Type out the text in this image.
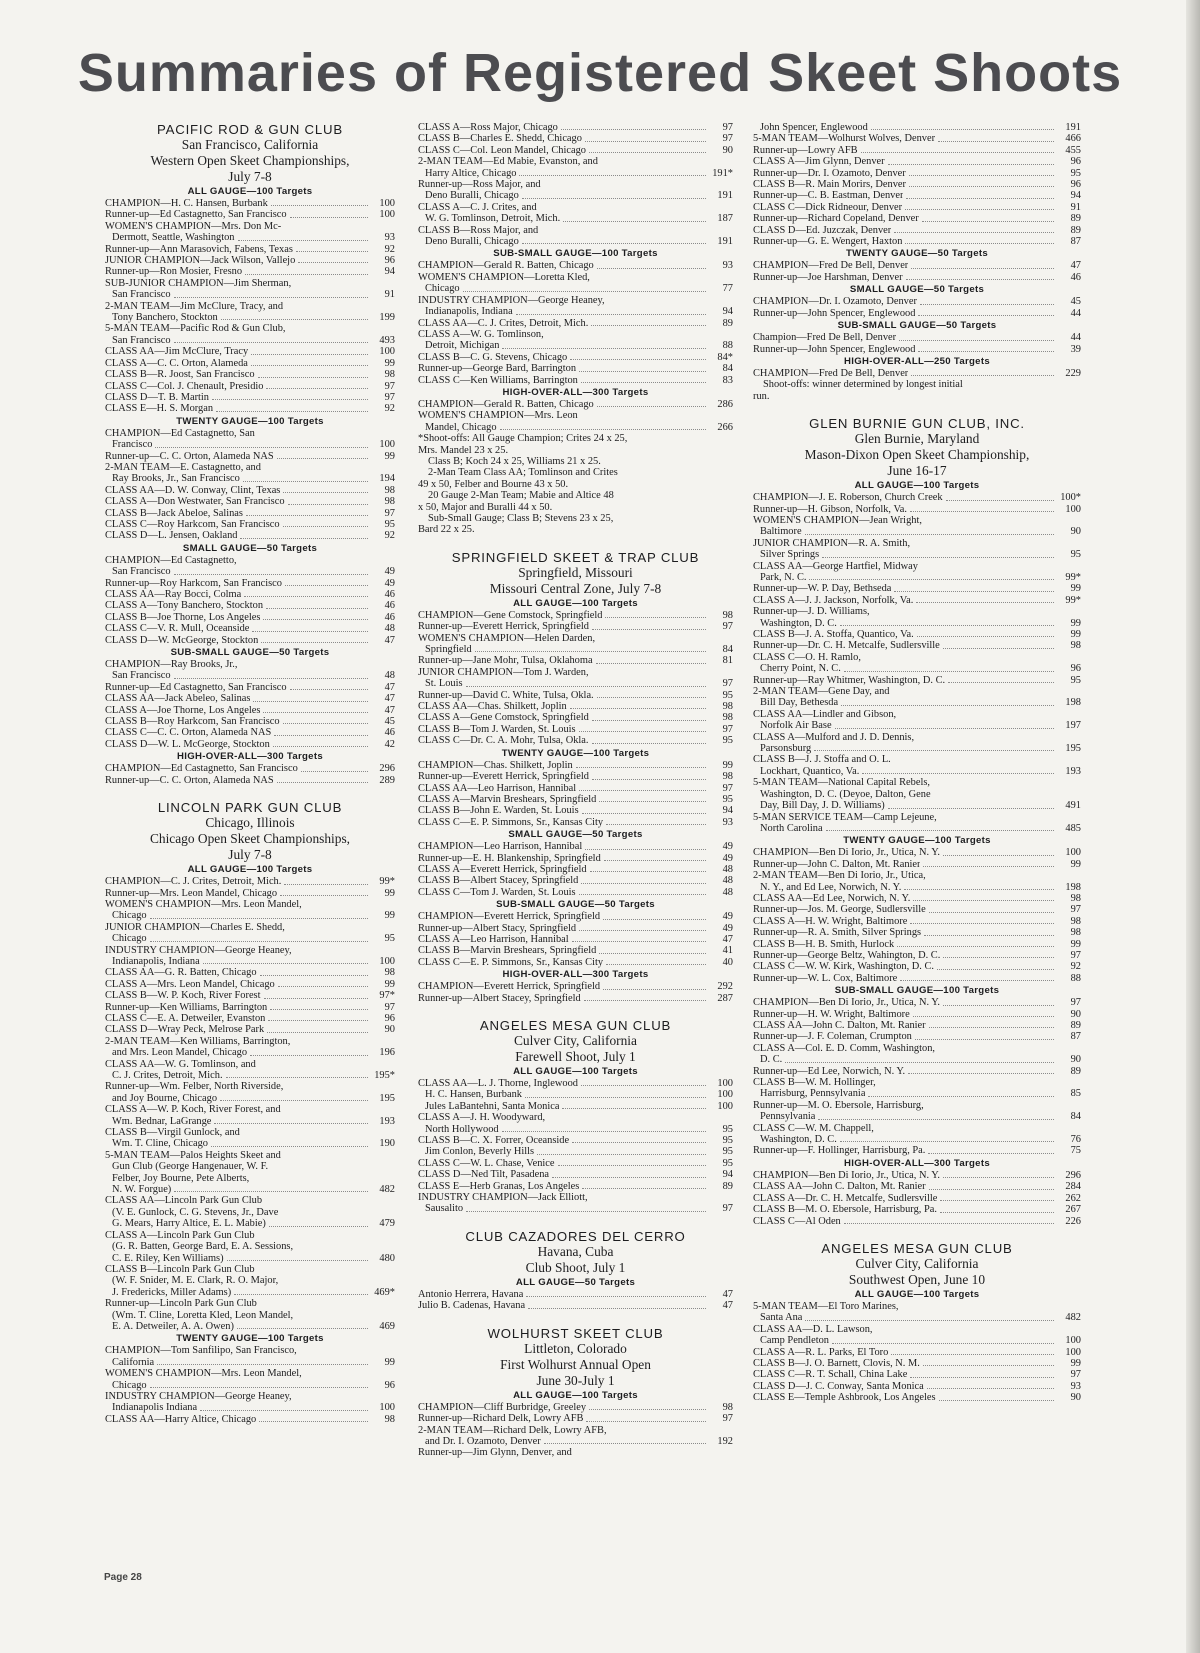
Summaries of Registered Skeet Shoots
PACIFIC ROD & GUN CLUB
San Francisco, California
Western Open Skeet Championships,
July 7-8
ALL GAUGE—100 Targets
CHAMPION—H. C. Hansen, Burbank	100
Runner-up—Ed Castagnetto, San Francisco	100
WOMEN'S CHAMPION—Mrs. Don Mc-
Dermott, Seattle, Washington	93
Runner-up—Ann Marasovich, Fabens, Texas	92
JUNIOR CHAMPION—Jack Wilson, Vallejo	96
Runner-up—Ron Mosier, Fresno	94
SUB-JUNIOR CHAMPION—Jim Sherman,
San Francisco	91
2-MAN TEAM—Jim McClure, Tracy, and
Tony Banchero, Stockton	199
5-MAN TEAM—Pacific Rod & Gun Club,
San Francisco	493
CLASS AA—Jim McClure, Tracy	100
CLASS A—C. C. Orton, Alameda	99
CLASS B—R. Joost, San Francisco	98
CLASS C—Col. J. Chenault, Presidio	97
CLASS D—T. B. Martin	97
CLASS E—H. S. Morgan	92
TWENTY GAUGE—100 Targets
CHAMPION—Ed Castagnetto, San
Francisco	100
Runner-up—C. C. Orton, Alameda NAS	99
2-MAN TEAM—E. Castagnetto, and
Ray Brooks, Jr., San Francisco	194
CLASS AA—D. W. Conway, Clint, Texas	98
CLASS A—Don Westwater, San Francisco	98
CLASS B—Jack Abeloe, Salinas	97
CLASS C—Roy Harkcom, San Francisco	95
CLASS D—L. Jensen, Oakland	92
SMALL GAUGE—50 Targets
CHAMPION—Ed Castagnetto,
San Francisco	49
Runner-up—Roy Harkcom, San Francisco	49
CLASS AA—Ray Bocci, Colma	46
CLASS A—Tony Banchero, Stockton	46
CLASS B—Joe Thorne, Los Angeles	46
CLASS C—V. R. Mull, Oceanside	48
CLASS D—W. McGeorge, Stockton	47
SUB-SMALL GAUGE—50 Targets
CHAMPION—Ray Brooks, Jr.,
San Francisco	48
Runner-up—Ed Castagnetto, San Francisco	47
CLASS AA—Jack Abeleo, Salinas	47
CLASS A—Joe Thorne, Los Angeles	47
CLASS B—Roy Harkcom, San Francisco	45
CLASS C—C. C. Orton, Alameda NAS	46
CLASS D—W. L. McGeorge, Stockton	42
HIGH-OVER-ALL—300 Targets
CHAMPION—Ed Castagnetto, San Francisco	296
Runner-up—C. C. Orton, Alameda NAS	289
LINCOLN PARK GUN CLUB
Chicago, Illinois
Chicago Open Skeet Championships,
July 7-8
ALL GAUGE—100 Targets
CHAMPION—C. J. Crites, Detroit, Mich.	99*
Runner-up—Mrs. Leon Mandel, Chicago	99
WOMEN'S CHAMPION—Mrs. Leon Mandel,
Chicago	99
JUNIOR CHAMPION—Charles E. Shedd,
Chicago	95
INDUSTRY CHAMPION—George Heaney,
Indianapolis, Indiana	100
CLASS AA—G. R. Batten, Chicago	98
CLASS A—Mrs. Leon Mandel, Chicago	99
CLASS B—W. P. Koch, River Forest	97*
Runner-up—Ken Williams, Barrington	97
CLASS C—E. A. Detweiler, Evanston	96
CLASS D—Wray Peck, Melrose Park	90
2-MAN TEAM—Ken Williams, Barrington,
and Mrs. Leon Mandel, Chicago	196
CLASS AA—W. G. Tomlinson, and
C. J. Crites, Detroit, Mich.	195*
Runner-up—Wm. Felber, North Riverside,
and Joy Bourne, Chicago	195
CLASS A—W. P. Koch, River Forest, and
Wm. Bednar, LaGrange	193
CLASS B—Virgil Gunlock, and
Wm. T. Cline, Chicago	190
5-MAN TEAM—Palos Heights Skeet and
Gun Club (George Hangenauer, W. F.
Felber, Joy Bourne, Pete Alberts,
N. W. Forgue)	482
CLASS AA—Lincoln Park Gun Club
(V. E. Gunlock, C. G. Stevens, Jr., Dave
G. Mears, Harry Altice, E. L. Mabie)	479
CLASS A—Lincoln Park Gun Club
(G. R. Batten, George Bard, E. A. Sessions,
C. E. Riley, Ken Williams)	480
CLASS B—Lincoln Park Gun Club
(W. F. Snider, M. E. Clark, R. O. Major,
J. Fredericks, Miller Adams)	469*
Runner-up—Lincoln Park Gun Club
(Wm. T. Cline, Loretta Kled, Leon Mandel,
E. A. Detweiler, A. A. Owen)	469
TWENTY GAUGE—100 Targets
CHAMPION—Tom Sanfilipo, San Francisco,
California	99
WOMEN'S CHAMPION—Mrs. Leon Mandel,
Chicago	96
INDUSTRY CHAMPION—George Heaney,
Indianapolis Indiana	100
CLASS AA—Harry Altice, Chicago	98
CLASS A—Ross Major, Chicago	97
CLASS B—Charles E. Shedd, Chicago	97
CLASS C—Col. Leon Mandel, Chicago	90
2-MAN TEAM—Ed Mabie, Evanston, and
Harry Altice, Chicago	191*
Runner-up—Ross Major, and
Deno Buralli, Chicago	191
CLASS A—C. J. Crites, and
W. G. Tomlinson, Detroit, Mich.	187
CLASS B—Ross Major, and
Deno Buralli, Chicago	191
SUB-SMALL GAUGE—100 Targets
CHAMPION—Gerald R. Batten, Chicago	93
WOMEN'S CHAMPION—Loretta Kled,
Chicago	77
INDUSTRY CHAMPION—George Heaney,
Indianapolis, Indiana	94
CLASS AA—C. J. Crites, Detroit, Mich.	89
CLASS A—W. G. Tomlinson,
Detroit, Michigan	88
CLASS B—C. G. Stevens, Chicago	84*
Runner-up—George Bard, Barrington	84
CLASS C—Ken Williams, Barrington	83
HIGH-OVER-ALL—300 Targets
CHAMPION—Gerald R. Batten, Chicago	286
WOMEN'S CHAMPION—Mrs. Leon
Mandel, Chicago	266
*Shoot-offs: All Gauge Champion; Crites 24 x 25,
Mrs. Mandel 23 x 25.
Class B; Koch 24 x 25, Williams 21 x 25.
2-Man Team Class AA; Tomlinson and Crites
49 x 50, Felber and Bourne 43 x 50.
20 Gauge 2-Man Team; Mabie and Altice 48
x 50, Major and Buralli 44 x 50.
Sub-Small Gauge; Class B; Stevens 23 x 25,
Bard 22 x 25.
SPRINGFIELD SKEET & TRAP CLUB
Springfield, Missouri
Missouri Central Zone, July 7-8
ALL GAUGE—100 Targets
CHAMPION—Gene Comstock, Springfield	98
Runner-up—Everett Herrick, Springfield	97
WOMEN'S CHAMPION—Helen Darden,
Springfield	84
Runner-up—Jane Mohr, Tulsa, Oklahoma	81
JUNIOR CHAMPION—Tom J. Warden,
St. Louis	97
Runner-up—David C. White, Tulsa, Okla.	95
CLASS AA—Chas. Shilkett, Joplin	98
CLASS A—Gene Comstock, Springfield	98
CLASS B—Tom J. Warden, St. Louis	97
CLASS C—Dr. C. A. Mohr, Tulsa, Okla.	95
TWENTY GAUGE—100 Targets
CHAMPION—Chas. Shilkett, Joplin	99
Runner-up—Everett Herrick, Springfield	98
CLASS AA—Leo Harrison, Hannibal	97
CLASS A—Marvin Breshears, Springfield	95
CLASS B—John E. Warden, St. Louis	94
CLASS C—E. P. Simmons, Sr., Kansas City	93
SMALL GAUGE—50 Targets
CHAMPION—Leo Harrison, Hannibal	49
Runner-up—E. H. Blankenship, Springfield	49
CLASS A—Everett Herrick, Springfield	48
CLASS B—Albert Stacey, Springfield	48
CLASS C—Tom J. Warden, St. Louis	48
SUB-SMALL GAUGE—50 Targets
CHAMPION—Everett Herrick, Springfield	49
Runner-up—Albert Stacy, Springfield	49
CLASS A—Leo Harrison, Hannibal	47
CLASS B—Marvin Breshears, Springfield	41
CLASS C—E. P. Simmons, Sr., Kansas City	40
HIGH-OVER-ALL—300 Targets
CHAMPION—Everett Herrick, Springfield	292
Runner-up—Albert Stacey, Springfield	287
ANGELES MESA GUN CLUB
Culver City, California
Farewell Shoot, July 1
ALL GAUGE—100 Targets
CLASS AA—L. J. Thorne, Inglewood	100
H. C. Hansen, Burbank	100
Jules LaBantehni, Santa Monica	100
CLASS A—J. H. Woodyward,
North Hollywood	95
CLASS B—C. X. Forrer, Oceanside	95
Jim Conlon, Beverly Hills	95
CLASS C—W. L. Chase, Venice	95
CLASS D—Ned Tilt, Pasadena	94
CLASS E—Herb Granas, Los Angeles	89
INDUSTRY CHAMPION—Jack Elliott,
Sausalito	97
CLUB CAZADORES DEL CERRO
Havana, Cuba
Club Shoot, July 1
ALL GAUGE—50 Targets
Antonio Herrera, Havana	47
Julio B. Cadenas, Havana	47
WOLHURST SKEET CLUB
Littleton, Colorado
First Wolhurst Annual Open
June 30-July 1
ALL GAUGE—100 Targets
CHAMPION—Cliff Burbridge, Greeley	98
Runner-up—Richard Delk, Lowry AFB	97
2-MAN TEAM—Richard Delk, Lowry AFB,
and Dr. I. Ozamoto, Denver	192
Runner-up—Jim Glynn, Denver, and
John Spencer, Englewood	191
5-MAN TEAM—Wolhurst Wolves, Denver	466
Runner-up—Lowry AFB	455
CLASS A—Jim Glynn, Denver	96
Runner-up—Dr. I. Ozamoto, Denver	95
CLASS B—R. Main Morirs, Denver	96
Runner-up—C. B. Eastman, Denver	94
CLASS C—Dick Ridneour, Denver	91
Runner-up—Richard Copeland, Denver	89
CLASS D—Ed. Juzczak, Denver	89
Runner-up—G. E. Wengert, Haxton	87
TWENTY GAUGE—50 Targets
CHAMPION—Fred De Bell, Denver	47
Runner-up—Joe Harshman, Denver	46
SMALL GAUGE—50 Targets
CHAMPION—Dr. I. Ozamoto, Denver	45
Runner-up—John Spencer, Englewood	44
SUB-SMALL GAUGE—50 Targets
Champion—Fred De Bell, Denver	44
Runner-up—John Spencer, Englewood	39
HIGH-OVER-ALL—250 Targets
CHAMPION—Fred De Bell, Denver	229
Shoot-offs: winner determined by longest initial
run.
GLEN BURNIE GUN CLUB, INC.
Glen Burnie, Maryland
Mason-Dixon Open Skeet Championship,
June 16-17
ALL GAUGE—100 Targets
CHAMPION—J. E. Roberson, Church Creek	100*
Runner-up—H. Gibson, Norfolk, Va.	100
WOMEN'S CHAMPION—Jean Wright,
Baltimore	90
JUNIOR CHAMPION—R. A. Smith,
Silver Springs	95
CLASS AA—George Hartfiel, Midway
Park, N. C.	99*
Runner-up—W. P. Day, Bethseda	99
CLASS A—J. J. Jackson, Norfolk, Va.	99*
Runner-up—J. D. Williams,
Washington, D. C.	99
CLASS B—J. A. Stoffa, Quantico, Va.	99
Runner-up—Dr. C. H. Metcalfe, Sudlersville	98
CLASS C—O. H. Ramlo,
Cherry Point, N. C.	96
Runner-up—Ray Whitmer, Washington, D. C.	95
2-MAN TEAM—Gene Day, and
Bill Day, Bethesda	198
CLASS AA—Lindler and Gibson,
Norfolk Air Base	197
CLASS A—Mulford and J. D. Dennis,
Parsonsburg	195
CLASS B—J. J. Stoffa and O. L.
Lockhart, Quantico, Va.	193
5-MAN TEAM—National Capital Rebels,
Washington, D. C. (Deyoe, Dalton, Gene
Day, Bill Day, J. D. Williams)	491
5-MAN SERVICE TEAM—Camp Lejeune,
North Carolina	485
TWENTY GAUGE—100 Targets
CHAMPION—Ben Di Iorio, Jr., Utica, N. Y.	100
Runner-up—John C. Dalton, Mt. Ranier	99
2-MAN TEAM—Ben Di Iorio, Jr., Utica,
N. Y., and Ed Lee, Norwich, N. Y.	198
CLASS AA—Ed Lee, Norwich, N. Y.	98
Runner-up—Jos. M. George, Sudlersville	97
CLASS A—H. W. Wright, Baltimore	98
Runner-up—R. A. Smith, Silver Springs	98
CLASS B—H. B. Smith, Hurlock	99
Runner-up—George Beltz, Wahington, D. C.	97
CLASS C—W. W. Kirk, Washington, D. C.	92
Runner-up—W. L. Cox, Baltimore	88
SUB-SMALL GAUGE—100 Targets
CHAMPION—Ben Di Iorio, Jr., Utica, N. Y.	97
Runner-up—H. W. Wright, Baltimore	90
CLASS AA—John C. Dalton, Mt. Ranier	89
Runner-up—J. F. Coleman, Crumpton	87
CLASS A—Col. E. D. Comm, Washington,
D. C.	90
Runner-up—Ed Lee, Norwich, N. Y.	89
CLASS B—W. M. Hollinger,
Harrisburg, Pennsylvania	85
Runner-up—M. O. Ebersole, Harrisburg,
Pennsylvania	84
CLASS C—W. M. Chappell,
Washington, D. C.	76
Runner-up—F. Hollinger, Harrisburg, Pa.	75
HIGH-OVER-ALL—300 Targets
CHAMPION—Ben Di Iorio, Jr., Utica, N. Y.	296
CLASS AA—John C. Dalton, Mt. Ranier	284
CLASS A—Dr. C. H. Metcalfe, Sudlersville	262
CLASS B—M. O. Ebersole, Harrisburg, Pa.	267
CLASS C—Al Oden	226
ANGELES MESA GUN CLUB
Culver City, California
Southwest Open, June 10
ALL GAUGE—100 Targets
5-MAN TEAM—El Toro Marines,
Santa Ana	482
CLASS AA—D. L. Lawson,
Camp Pendleton	100
CLASS A—R. L. Parks, El Toro	100
CLASS B—J. O. Barnett, Clovis, N. M.	99
CLASS C—R. T. Schall, China Lake	97
CLASS D—J. C. Conway, Santa Monica	93
CLASS E—Temple Ashbrook, Los Angeles	90
Page 28
